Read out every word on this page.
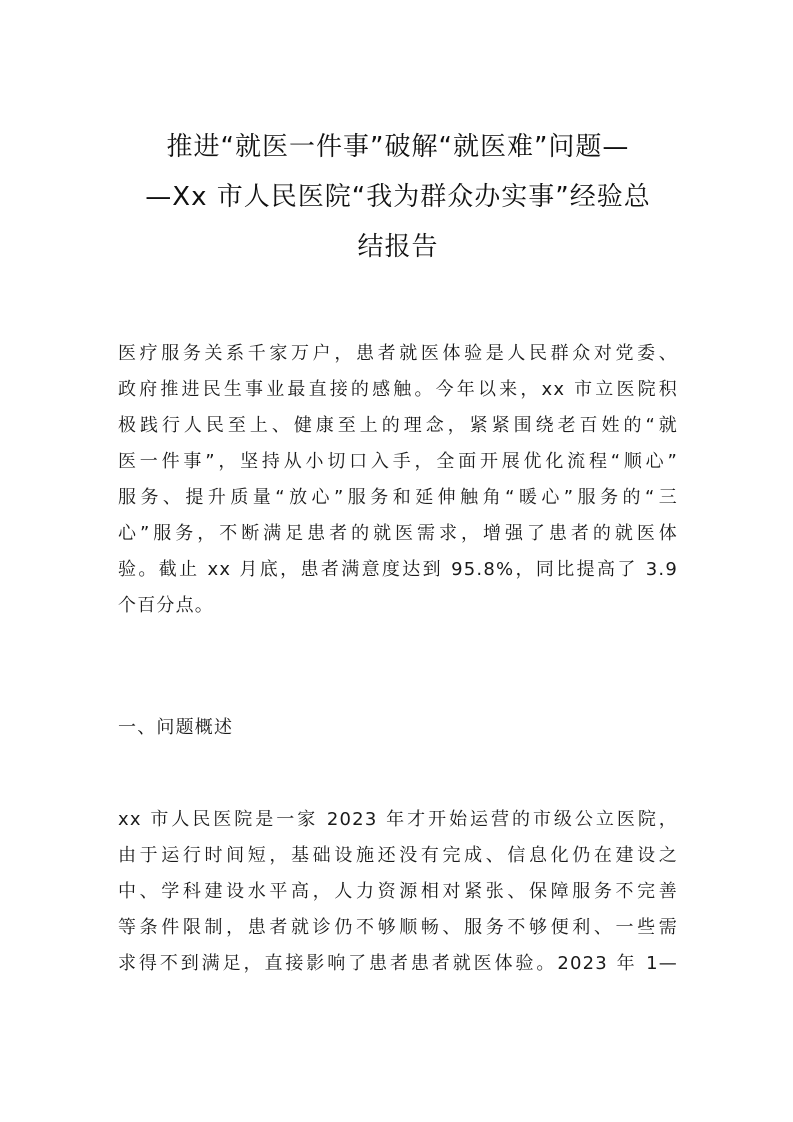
推进“就医一件事”破解“就医难”问题—
—Xx 市人民医院“我为群众办实事”经验总
结报告
医疗服务关系千家万户，患者就医体验是人民群众对党委、
政府推进民生事业最直接的感触。今年以来，xx 市立医院积
极践行人民至上、健康至上的理念，紧紧围绕老百姓的“就
医一件事”，坚持从小切口入手，全面开展优化流程“顺心”
服务、提升质量“放心”服务和延伸触角“暖心”服务的“三
心”服务，不断满足患者的就医需求，增强了患者的就医体
验。截止 xx 月底，患者满意度达到 95.8%，同比提高了 3.9
个百分点。
一、问题概述
xx 市人民医院是一家 2023 年才开始运营的市级公立医院，
由于运行时间短，基础设施还没有完成、信息化仍在建设之
中、学科建设水平高，人力资源相对紧张、保障服务不完善
等条件限制，患者就诊仍不够顺畅、服务不够便利、一些需
求得不到满足，直接影响了患者患者就医体验。2023 年 1—
